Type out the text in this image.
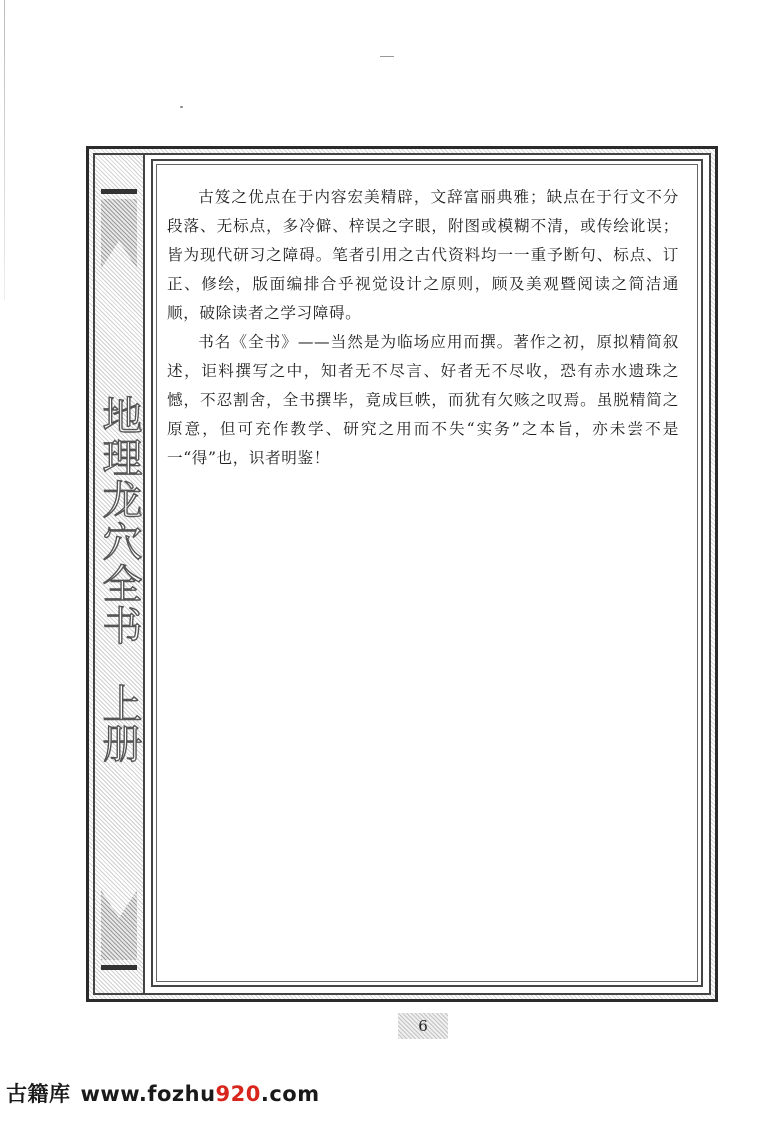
地理龙穴全书
上册

古笈之优点在于内容宏美精辟，文辞富丽典雅；缺点在于行文不分段落、无标点，多冷僻、梓误之字眼，附图或模糊不清，或传绘讹误；皆为现代研习之障碍。笔者引用之古代资料均一一重予断句、标点、订正、修绘，版面编排合乎视觉设计之原则，顾及美观暨阅读之简洁通顺，破除读者之学习障碍。

书名《全书》——当然是为临场应用而撰。著作之初，原拟精简叙述，讵料撰写之中，知者无不尽言、好者无不尽收，恐有赤水遗珠之憾，不忍割舍，全书撰毕，竟成巨帙，而犹有欠赅之叹焉。虽脱精简之原意，但可充作教学、研究之用而不失“实务”之本旨，亦未尝不是一“得”也，识者明鉴！

6
古籍库 www.fozhu920.com
